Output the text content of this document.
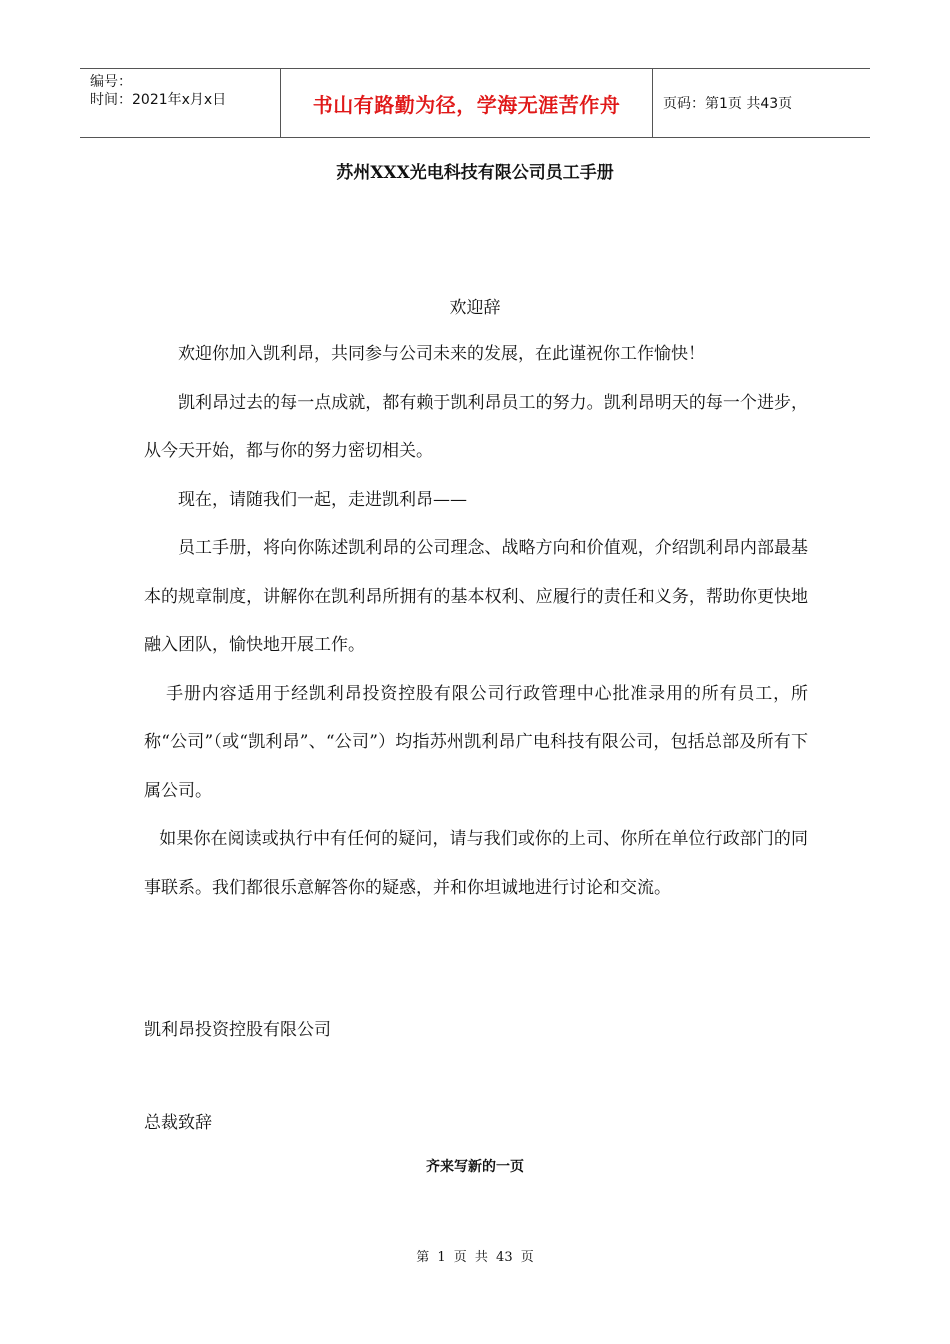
编号：
时间：2021年x月x日	书山有路勤为径，学海无涯苦作舟	页码：第1页 共43页
苏州XXX光电科技有限公司员工手册
欢迎辞

欢迎你加入凯利昂，共同参与公司未来的发展，在此谨祝你工作愉快！

凯利昂过去的每一点成就，都有赖于凯利昂员工的努力。凯利昂明天的每一个进步，从今天开始，都与你的努力密切相关。

现在，请随我们一起，走进凯利昂——

员工手册，将向你陈述凯利昂的公司理念、战略方向和价值观，介绍凯利昂内部最基本的规章制度，讲解你在凯利昂所拥有的基本权利、应履行的责任和义务，帮助你更快地融入团队，愉快地开展工作。

手册内容适用于经凯利昂投资控股有限公司行政管理中心批准录用的所有员工，所称“公司”（或“凯利昂”、“公司”）均指苏州凯利昂广电科技有限公司，包括总部及所有下属公司。

如果你在阅读或执行中有任何的疑问，请与我们或你的上司、你所在单位行政部门的同事联系。我们都很乐意解答你的疑惑，并和你坦诚地进行讨论和交流。

凯利昂投资控股有限公司
总裁致辞
齐来写新的一页
第 1 页 共 43 页
